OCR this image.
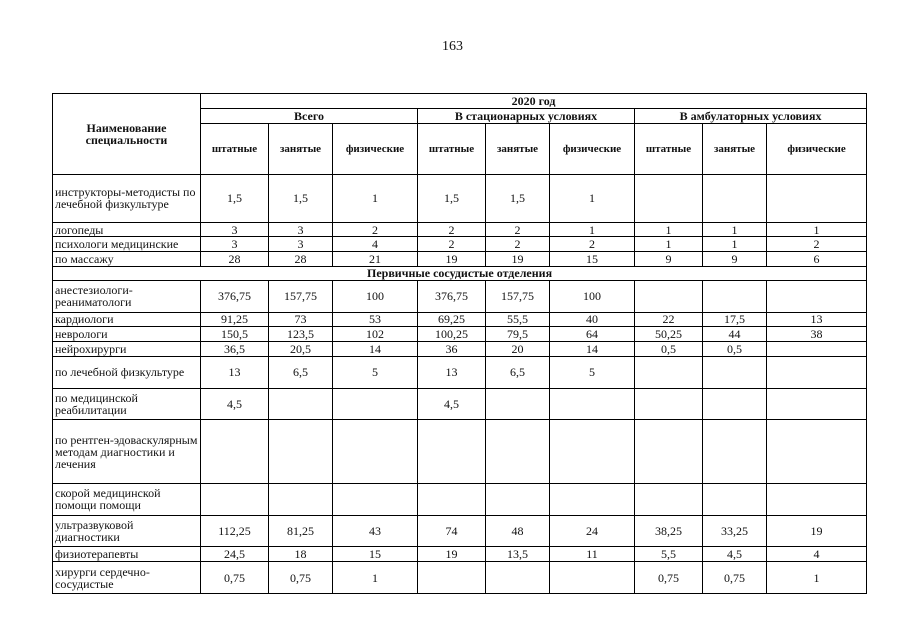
163
Наименование специальности	2020 год								
	Всего			В стационарных условиях			В амбулаторных условиях		
	штатные	занятые	физические	штатные	занятые	физические	штатные	занятые	физические
инструкторы-методисты по лечебной физкультуре	1,5	1,5	1	1,5	1,5	1			
логопеды	3	3	2	2	2	1	1	1	1
психологи медицинские	3	3	4	2	2	2	1	1	2
по массажу	28	28	21	19	19	15	9	9	6
Первичные сосудистые отделения									
анестезиологи-реаниматологи	376,75	157,75	100	376,75	157,75	100			
кардиологи	91,25	73	53	69,25	55,5	40	22	17,5	13
неврологи	150,5	123,5	102	100,25	79,5	64	50,25	44	38
нейрохирурги	36,5	20,5	14	36	20	14	0,5	0,5	
по лечебной физкультуре	13	6,5	5	13	6,5	5			
по медицинской реабилитации	4,5			4,5					
по рентген-эдоваскулярным методам диагностики и лечения									
скорой медицинской помощи помощи									
ультразвуковой диагностики	112,25	81,25	43	74	48	24	38,25	33,25	19
физиотерапевты	24,5	18	15	19	13,5	11	5,5	4,5	4
хирурги сердечно-сосудистые	0,75	0,75	1				0,75	0,75	1
